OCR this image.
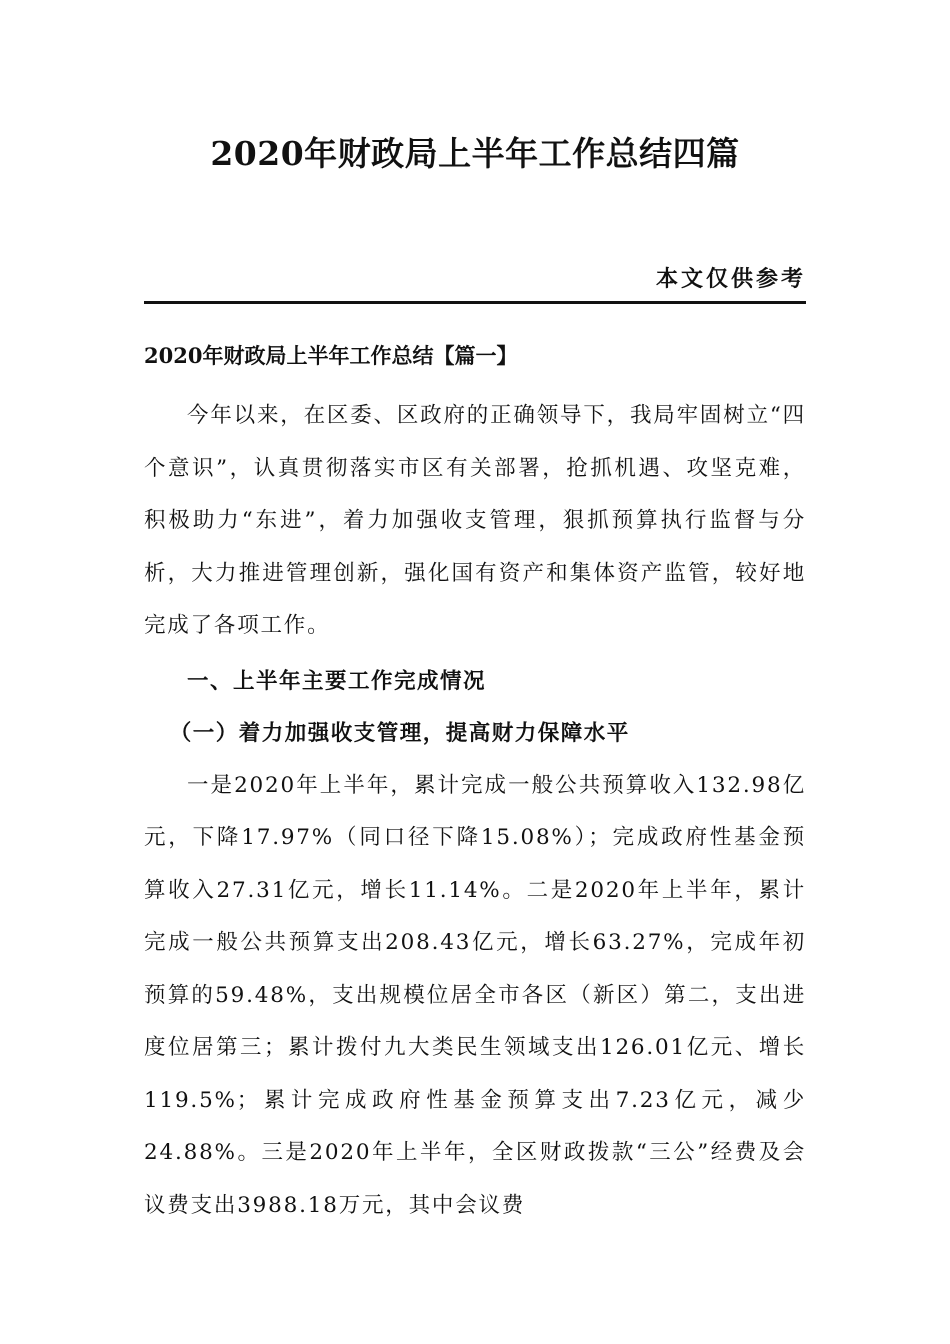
2020年财政局上半年工作总结四篇

本文仅供参考

2020年财政局上半年工作总结【篇一】

今年以来，在区委、区政府的正确领导下，我局牢固树立“四个意识”，认真贯彻落实市区有关部署，抢抓机遇、攻坚克难，积极助力“东进”，着力加强收支管理，狠抓预算执行监督与分析，大力推进管理创新，强化国有资产和集体资产监管，较好地完成了各项工作。

一、上半年主要工作完成情况
（一）着力加强收支管理，提高财力保障水平

一是2020年上半年，累计完成一般公共预算收入132.98亿元，下降17.97%（同口径下降15.08%）；完成政府性基金预算收入27.31亿元，增长11.14%。二是2020年上半年，累计完成一般公共预算支出208.43亿元，增长63.27%，完成年初预算的59.48%，支出规模位居全市各区（新区）第二，支出进度位居第三；累计拨付九大类民生领域支出126.01亿元、增长119.5%；累计完成政府性基金预算支出7.23亿元，减少24.88%。三是2020年上半年，全区财政拨款“三公”经费及会议费支出3988.18万元，其中会议费
